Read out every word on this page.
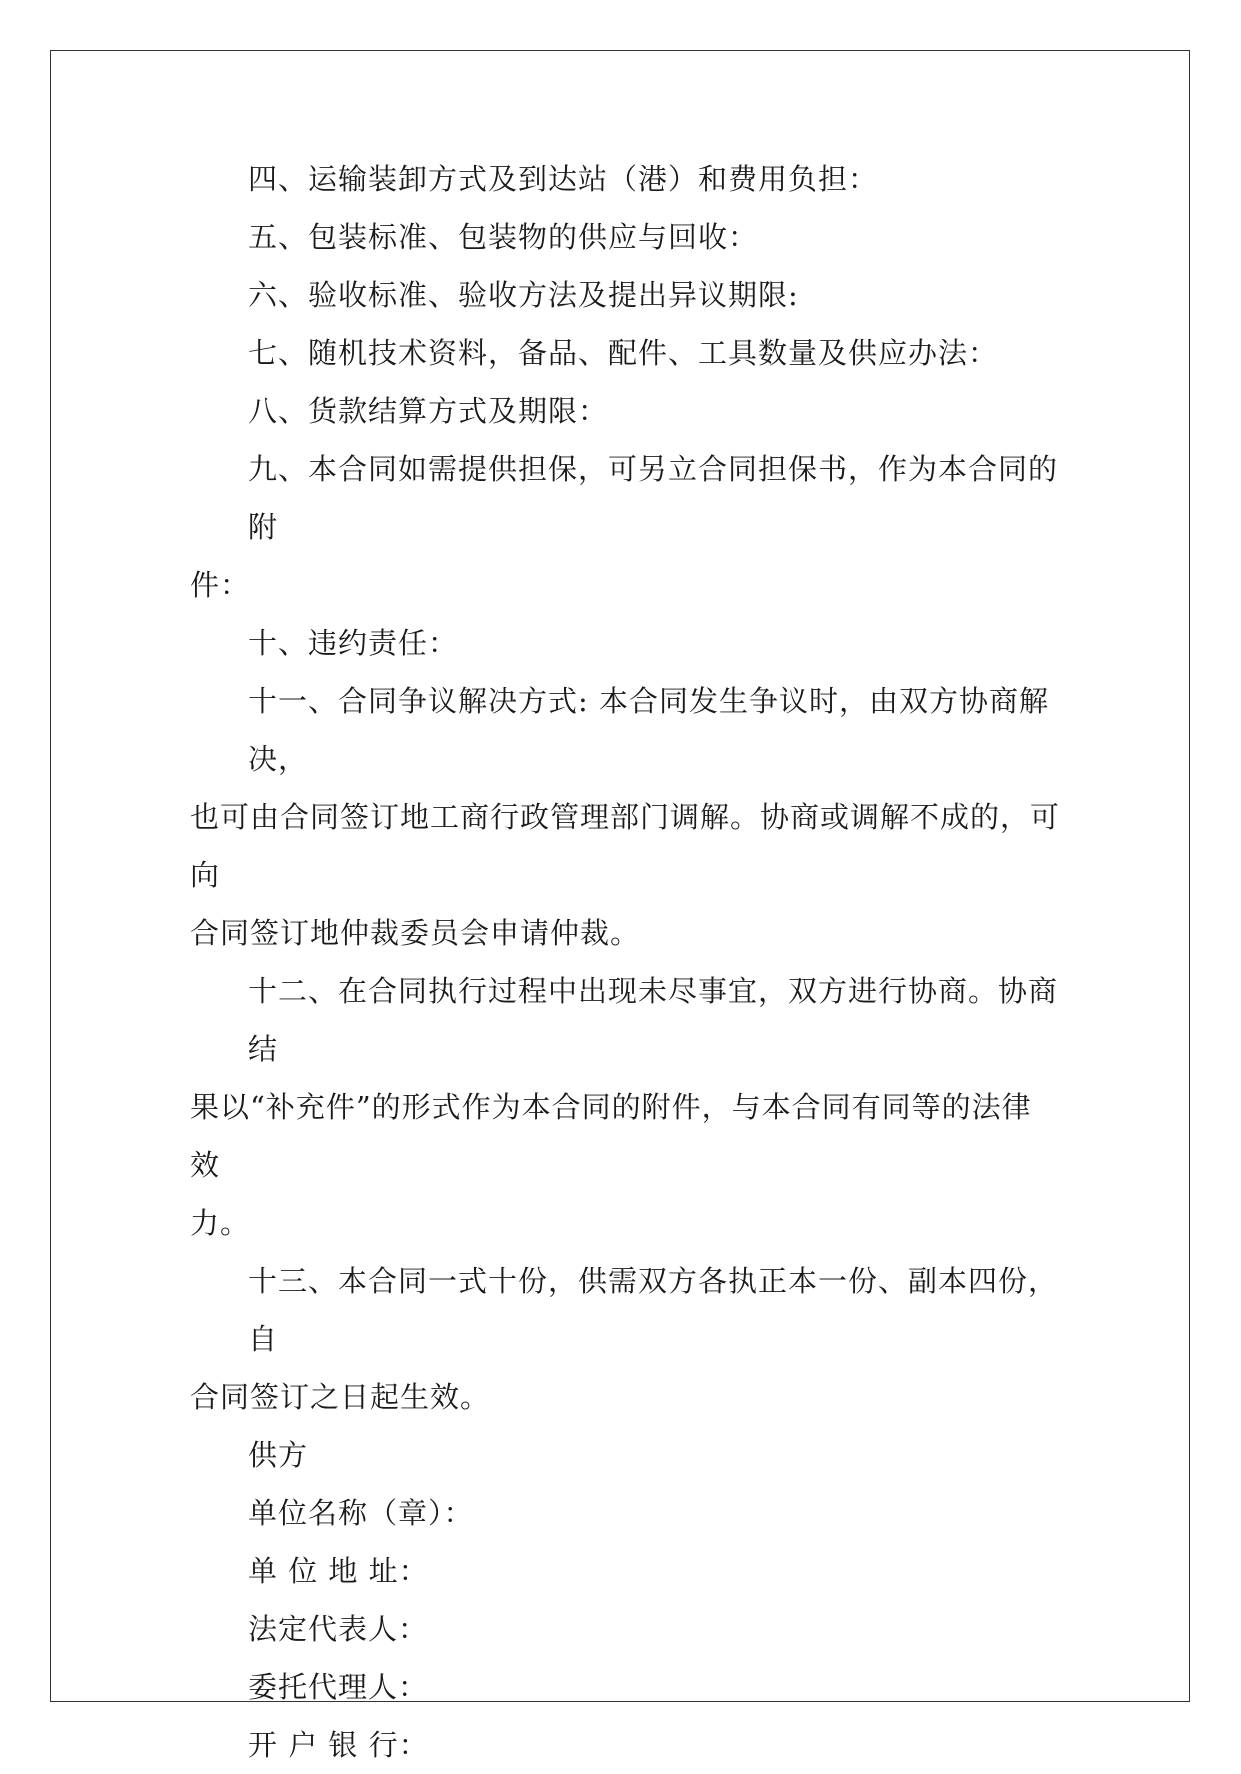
四、运输装卸方式及到达站（港）和费用负担：
五、包装标准、包装物的供应与回收：
六、验收标准、验收方法及提出异议期限:
七、随机技术资料，备品、配件、工具数量及供应办法：
八、货款结算方式及期限：
九、本合同如需提供担保，可另立合同担保书，作为本合同的附
件：
十、违约责任：
十一、合同争议解决方式: 本合同发生争议时，由双方协商解决，
也可由合同签订地工商行政管理部门调解。协商或调解不成的，可向
合同签订地仲裁委员会申请仲裁。
十二、在合同执行过程中出现未尽事宜，双方进行协商。协商结
果以“补充件”的形式作为本合同的附件，与本合同有同等的法律效
力。
十三、本合同一式十份，供需双方各执正本一份、副本四份，自
合同签订之日起生效。
供方
单位名称（章）：
单 位 地 址：
法定代表人：
委托代理人：
开 户 银 行：
